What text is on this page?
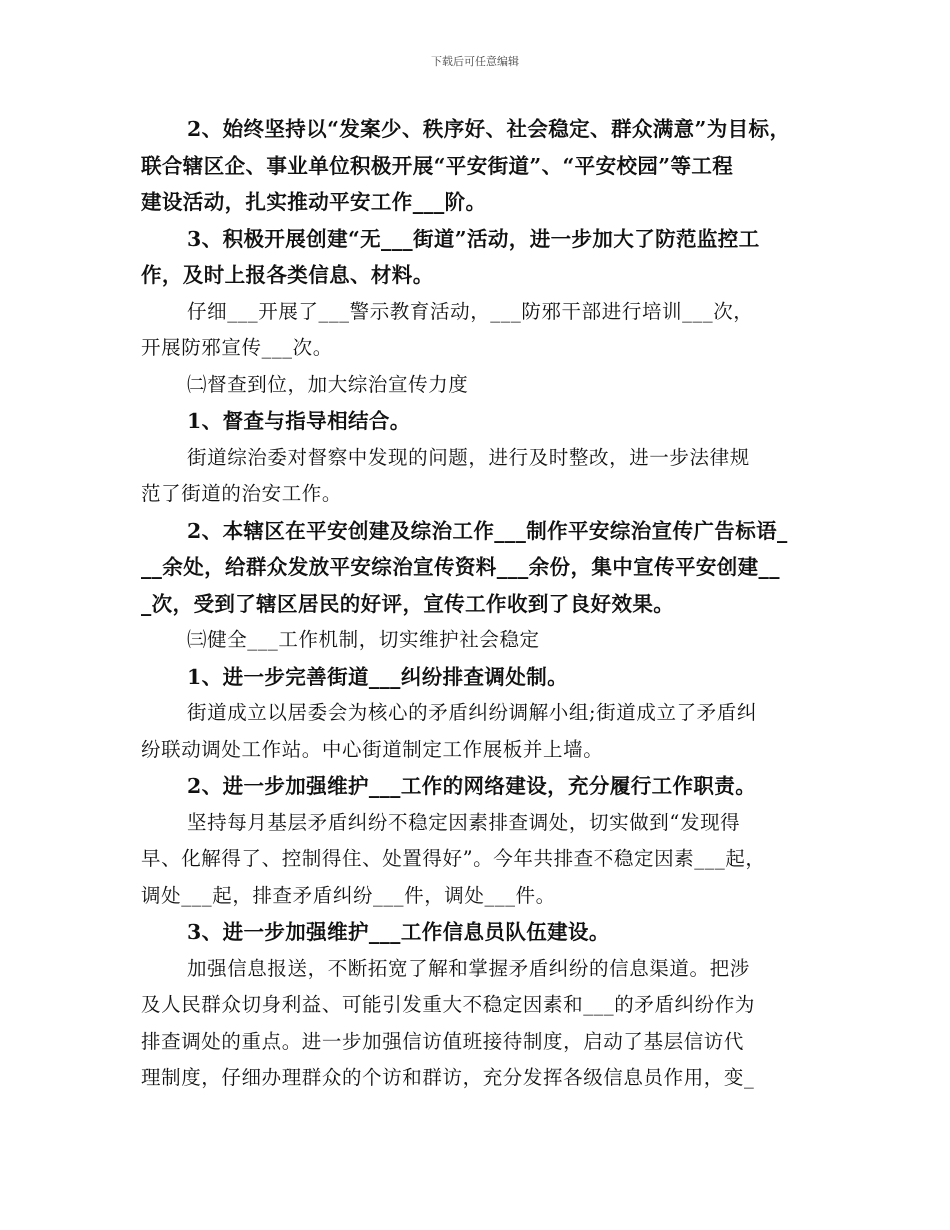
下载后可任意编辑
2、始终坚持以“发案少、秩序好、社会稳定、群众满意”为目标，
联合辖区企、事业单位积极开展“平安街道”、“平安校园”等工程
建设活动，扎实推动平安工作___阶。
3、积极开展创建“无___街道”活动，进一步加大了防范监控工
作，及时上报各类信息、材料。
仔细___开展了___警示教育活动，___防邪干部进行培训___次，
开展防邪宣传___次。
㈡督查到位，加大综治宣传力度
1、督查与指导相结合。
街道综治委对督察中发现的问题，进行及时整改，进一步法律规
范了街道的治安工作。
2、本辖区在平安创建及综治工作___制作平安综治宣传广告标语_
__余处，给群众发放平安综治宣传资料___余份，集中宣传平安创建__
_次，受到了辖区居民的好评，宣传工作收到了良好效果。
㈢健全___工作机制，切实维护社会稳定
1、进一步完善街道___纠纷排查调处制。
街道成立以居委会为核心的矛盾纠纷调解小组;街道成立了矛盾纠
纷联动调处工作站。中心街道制定工作展板并上墙。
2、进一步加强维护___工作的网络建设，充分履行工作职责。
坚持每月基层矛盾纠纷不稳定因素排查调处，切实做到“发现得
早、化解得了、控制得住、处置得好”。今年共排查不稳定因素___起，
调处___起，排查矛盾纠纷___件，调处___件。
3、进一步加强维护___工作信息员队伍建设。
加强信息报送，不断拓宽了解和掌握矛盾纠纷的信息渠道。把涉
及人民群众切身利益、可能引发重大不稳定因素和___的矛盾纠纷作为
排查调处的重点。进一步加强信访值班接待制度，启动了基层信访代
理制度，仔细办理群众的个访和群访，充分发挥各级信息员作用，变_
